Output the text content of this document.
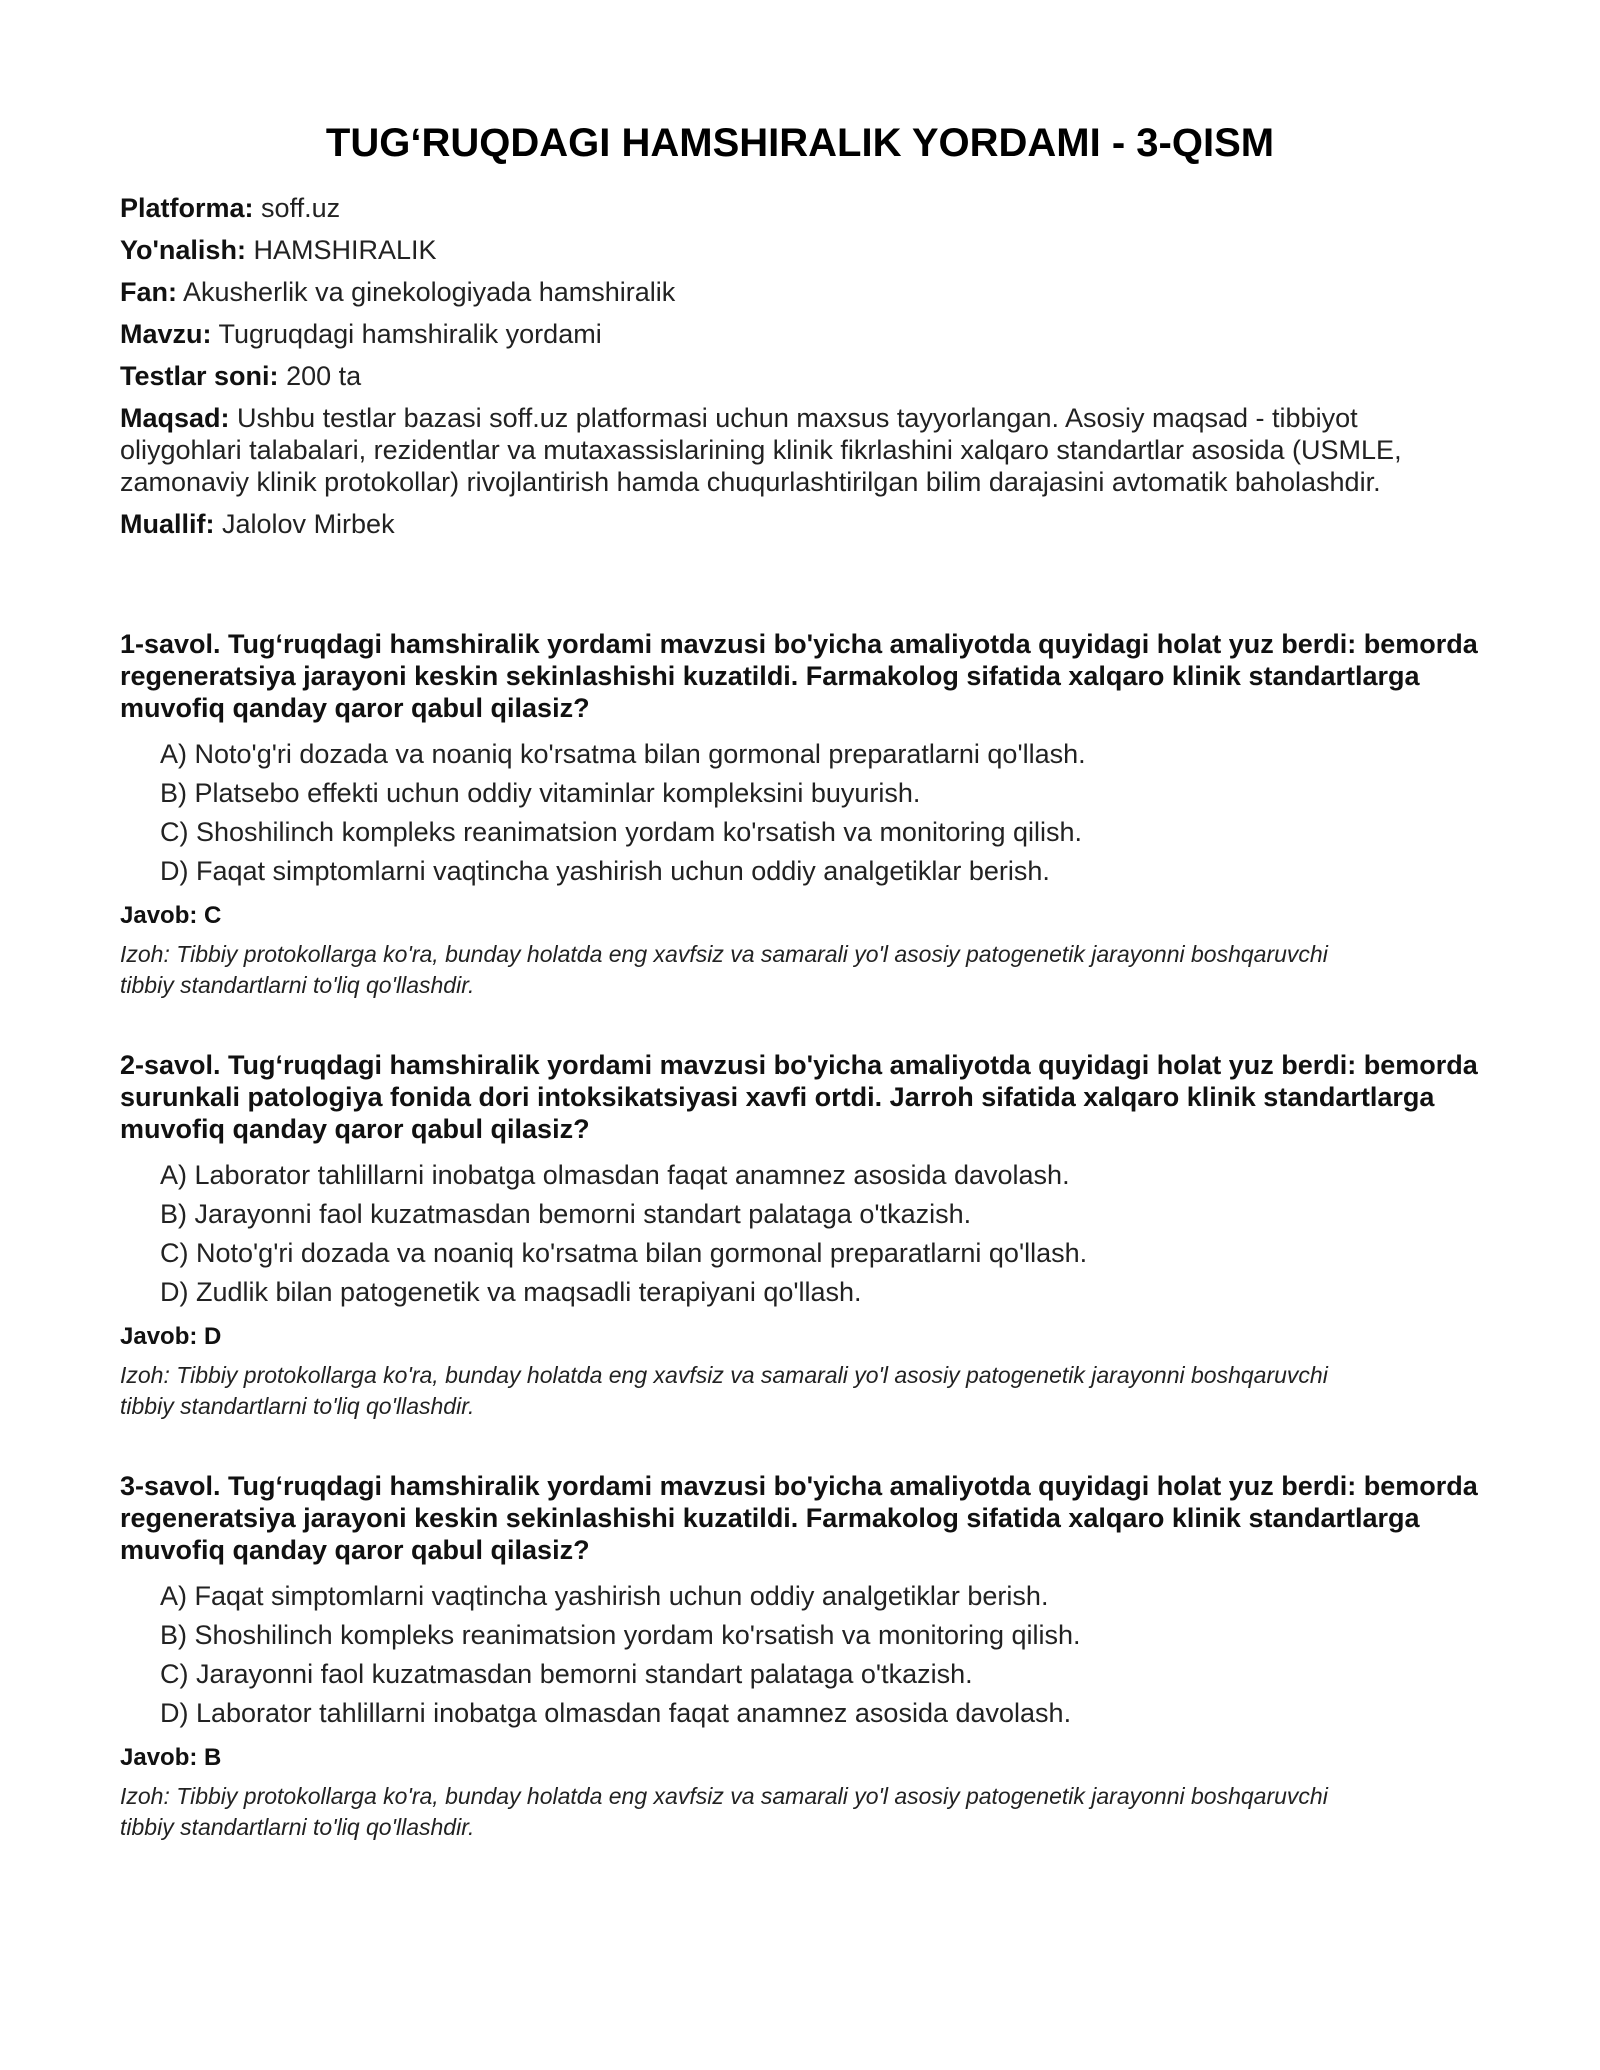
TUG‘RUQDAGI HAMSHIRALIK YORDAMI - 3-QISM

Platforma: soff.uz

Yo'nalish: HAMSHIRALIK

Fan: Akusherlik va ginekologiyada hamshiralik

Mavzu: Tugruqdagi hamshiralik yordami

Testlar soni: 200 ta

Maqsad: Ushbu testlar bazasi soff.uz platformasi uchun maxsus tayyorlangan. Asosiy maqsad - tibbiyot oliygohlari talabalari, rezidentlar va mutaxassislarining klinik fikrlashini xalqaro standartlar asosida (USMLE, zamonaviy klinik protokollar) rivojlantirish hamda chuqurlashtirilgan bilim darajasini avtomatik baholashdir.

Muallif: Jalolov Mirbek

1-savol. Tug‘ruqdagi hamshiralik yordami mavzusi bo'yicha amaliyotda quyidagi holat yuz berdi: bemorda regeneratsiya jarayoni keskin sekinlashishi kuzatildi. Farmakolog sifatida xalqaro klinik standartlarga muvofiq qanday qaror qabul qilasiz?

A) Noto'g'ri dozada va noaniq ko'rsatma bilan gormonal preparatlarni qo'llash.

B) Platsebo effekti uchun oddiy vitaminlar kompleksini buyurish.

C) Shoshilinch kompleks reanimatsion yordam ko'rsatish va monitoring qilish.

D) Faqat simptomlarni vaqtincha yashirish uchun oddiy analgetiklar berish.

Javob: C

Izoh: Tibbiy protokollarga ko'ra, bunday holatda eng xavfsiz va samarali yo'l asosiy patogenetik jarayonni boshqaruvchi tibbiy standartlarni to'liq qo'llashdir.

2-savol. Tug‘ruqdagi hamshiralik yordami mavzusi bo'yicha amaliyotda quyidagi holat yuz berdi: bemorda surunkali patologiya fonida dori intoksikatsiyasi xavfi ortdi. Jarroh sifatida xalqaro klinik standartlarga muvofiq qanday qaror qabul qilasiz?

A) Laborator tahlillarni inobatga olmasdan faqat anamnez asosida davolash.

B) Jarayonni faol kuzatmasdan bemorni standart palataga o'tkazish.

C) Noto'g'ri dozada va noaniq ko'rsatma bilan gormonal preparatlarni qo'llash.

D) Zudlik bilan patogenetik va maqsadli terapiyani qo'llash.

Javob: D

Izoh: Tibbiy protokollarga ko'ra, bunday holatda eng xavfsiz va samarali yo'l asosiy patogenetik jarayonni boshqaruvchi tibbiy standartlarni to'liq qo'llashdir.

3-savol. Tug‘ruqdagi hamshiralik yordami mavzusi bo'yicha amaliyotda quyidagi holat yuz berdi: bemorda regeneratsiya jarayoni keskin sekinlashishi kuzatildi. Farmakolog sifatida xalqaro klinik standartlarga muvofiq qanday qaror qabul qilasiz?

A) Faqat simptomlarni vaqtincha yashirish uchun oddiy analgetiklar berish.

B) Shoshilinch kompleks reanimatsion yordam ko'rsatish va monitoring qilish.

C) Jarayonni faol kuzatmasdan bemorni standart palataga o'tkazish.

D) Laborator tahlillarni inobatga olmasdan faqat anamnez asosida davolash.

Javob: B

Izoh: Tibbiy protokollarga ko'ra, bunday holatda eng xavfsiz va samarali yo'l asosiy patogenetik jarayonni boshqaruvchi tibbiy standartlarni to'liq qo'llashdir.
